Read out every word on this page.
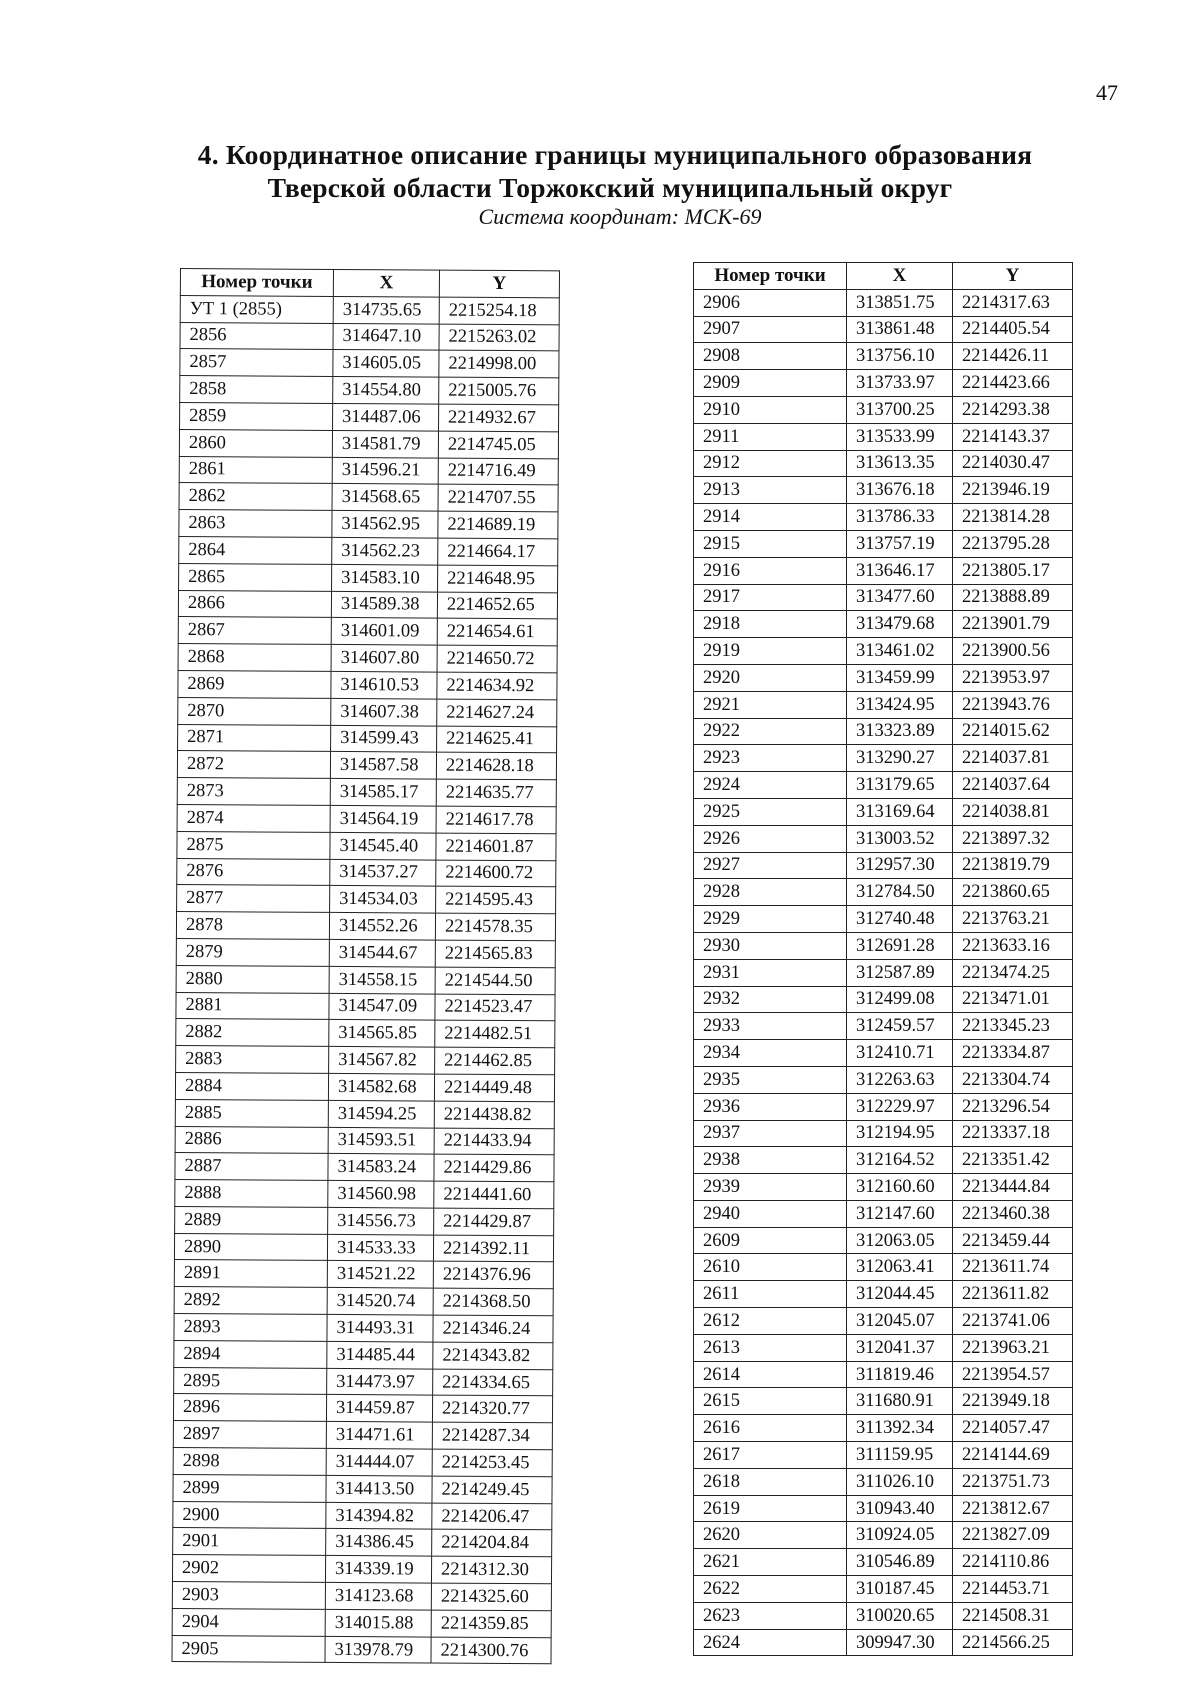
47
4. Координатное описание границы муниципального образования
Тверской области Торжокский муниципальный округ
Система координат: МСК-69
Номер точки	X	Y
УТ 1 (2855)	314735.65	2215254.18
2856	314647.10	2215263.02
2857	314605.05	2214998.00
2858	314554.80	2215005.76
2859	314487.06	2214932.67
2860	314581.79	2214745.05
2861	314596.21	2214716.49
2862	314568.65	2214707.55
2863	314562.95	2214689.19
2864	314562.23	2214664.17
2865	314583.10	2214648.95
2866	314589.38	2214652.65
2867	314601.09	2214654.61
2868	314607.80	2214650.72
2869	314610.53	2214634.92
2870	314607.38	2214627.24
2871	314599.43	2214625.41
2872	314587.58	2214628.18
2873	314585.17	2214635.77
2874	314564.19	2214617.78
2875	314545.40	2214601.87
2876	314537.27	2214600.72
2877	314534.03	2214595.43
2878	314552.26	2214578.35
2879	314544.67	2214565.83
2880	314558.15	2214544.50
2881	314547.09	2214523.47
2882	314565.85	2214482.51
2883	314567.82	2214462.85
2884	314582.68	2214449.48
2885	314594.25	2214438.82
2886	314593.51	2214433.94
2887	314583.24	2214429.86
2888	314560.98	2214441.60
2889	314556.73	2214429.87
2890	314533.33	2214392.11
2891	314521.22	2214376.96
2892	314520.74	2214368.50
2893	314493.31	2214346.24
2894	314485.44	2214343.82
2895	314473.97	2214334.65
2896	314459.87	2214320.77
2897	314471.61	2214287.34
2898	314444.07	2214253.45
2899	314413.50	2214249.45
2900	314394.82	2214206.47
2901	314386.45	2214204.84
2902	314339.19	2214312.30
2903	314123.68	2214325.60
2904	314015.88	2214359.85
2905	313978.79	2214300.76
Номер точки	X	Y
2906	313851.75	2214317.63
2907	313861.48	2214405.54
2908	313756.10	2214426.11
2909	313733.97	2214423.66
2910	313700.25	2214293.38
2911	313533.99	2214143.37
2912	313613.35	2214030.47
2913	313676.18	2213946.19
2914	313786.33	2213814.28
2915	313757.19	2213795.28
2916	313646.17	2213805.17
2917	313477.60	2213888.89
2918	313479.68	2213901.79
2919	313461.02	2213900.56
2920	313459.99	2213953.97
2921	313424.95	2213943.76
2922	313323.89	2214015.62
2923	313290.27	2214037.81
2924	313179.65	2214037.64
2925	313169.64	2214038.81
2926	313003.52	2213897.32
2927	312957.30	2213819.79
2928	312784.50	2213860.65
2929	312740.48	2213763.21
2930	312691.28	2213633.16
2931	312587.89	2213474.25
2932	312499.08	2213471.01
2933	312459.57	2213345.23
2934	312410.71	2213334.87
2935	312263.63	2213304.74
2936	312229.97	2213296.54
2937	312194.95	2213337.18
2938	312164.52	2213351.42
2939	312160.60	2213444.84
2940	312147.60	2213460.38
2609	312063.05	2213459.44
2610	312063.41	2213611.74
2611	312044.45	2213611.82
2612	312045.07	2213741.06
2613	312041.37	2213963.21
2614	311819.46	2213954.57
2615	311680.91	2213949.18
2616	311392.34	2214057.47
2617	311159.95	2214144.69
2618	311026.10	2213751.73
2619	310943.40	2213812.67
2620	310924.05	2213827.09
2621	310546.89	2214110.86
2622	310187.45	2214453.71
2623	310020.65	2214508.31
2624	309947.30	2214566.25
